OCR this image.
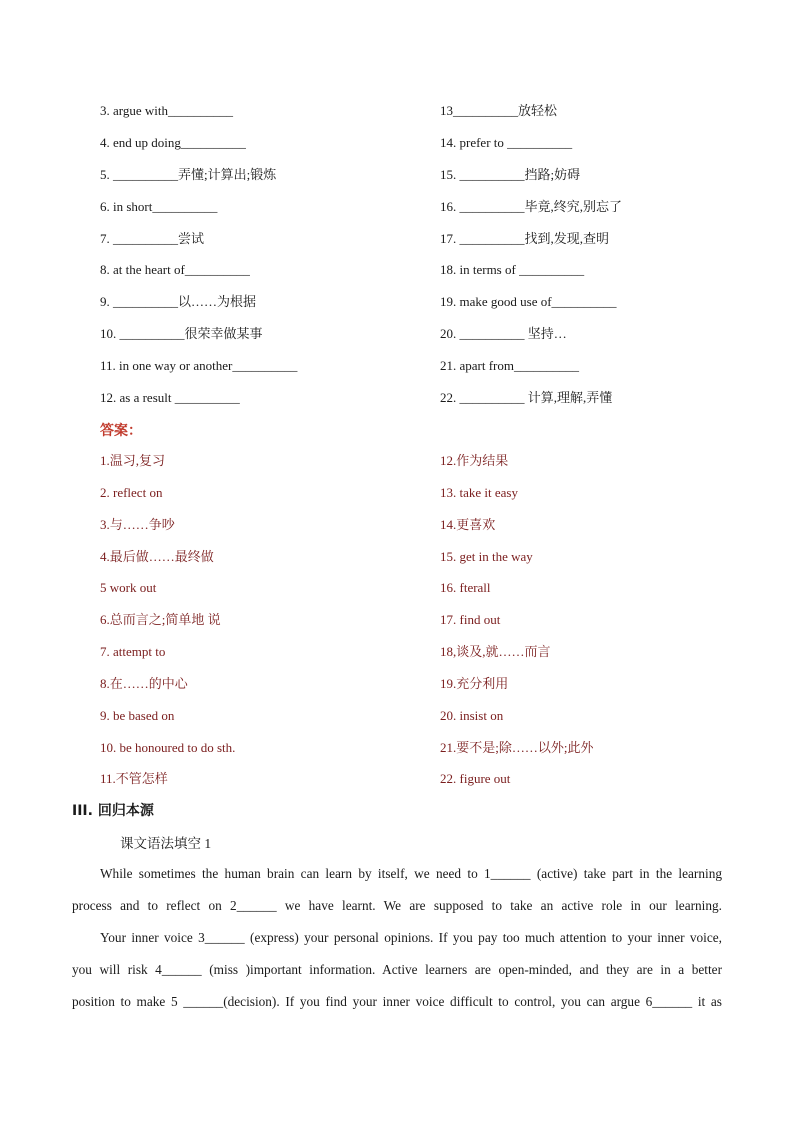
3. argue with__________	13__________放轻松
4. end up doing__________	14. prefer to __________
5. __________弄懂;计算出;锻炼	15. __________挡路;妨碍
6. in short__________	16. __________毕竟,终究,别忘了
7. __________尝试	17. __________找到,发现,查明
8. at the heart of__________	18. in terms of __________
9. __________以……为根据	19. make good use of__________
10. __________很荣幸做某事	20. __________ 坚持…
11. in one way or another__________	21. apart from__________
12. as a result __________	22. __________ 计算,理解,弄懂
答案：
1.温习,复习	12.作为结果
2. reflect on	13. take it easy
3.与……争吵	14.更喜欢
4.最后做……最终做	15. get in the way
5 work out	16. fterall
6.总而言之;简单地 说	17. find out
7. attempt to	18,谈及,就……而言
8.在……的中心	19.充分利用
9. be based on	20. insist on
10. be honoured to do sth.	21.要不是;除……以外;此外
11.不管怎样	22. figure out
III. 回归本源
课文语法填空 1
While sometimes the human brain can learn by itself, we need to 1______ (active) take part in the learning
process and to reflect on 2______ we have learnt. We are supposed to take an active role in our learning.
Your inner voice 3______ (express) your personal opinions. If you pay too much attention to your inner voice,
you will risk 4______ (miss )important information. Active learners are open-minded, and they are in a better
position to make 5 ______(decision). If you find your inner voice difficult to control, you can argue 6______ it as
